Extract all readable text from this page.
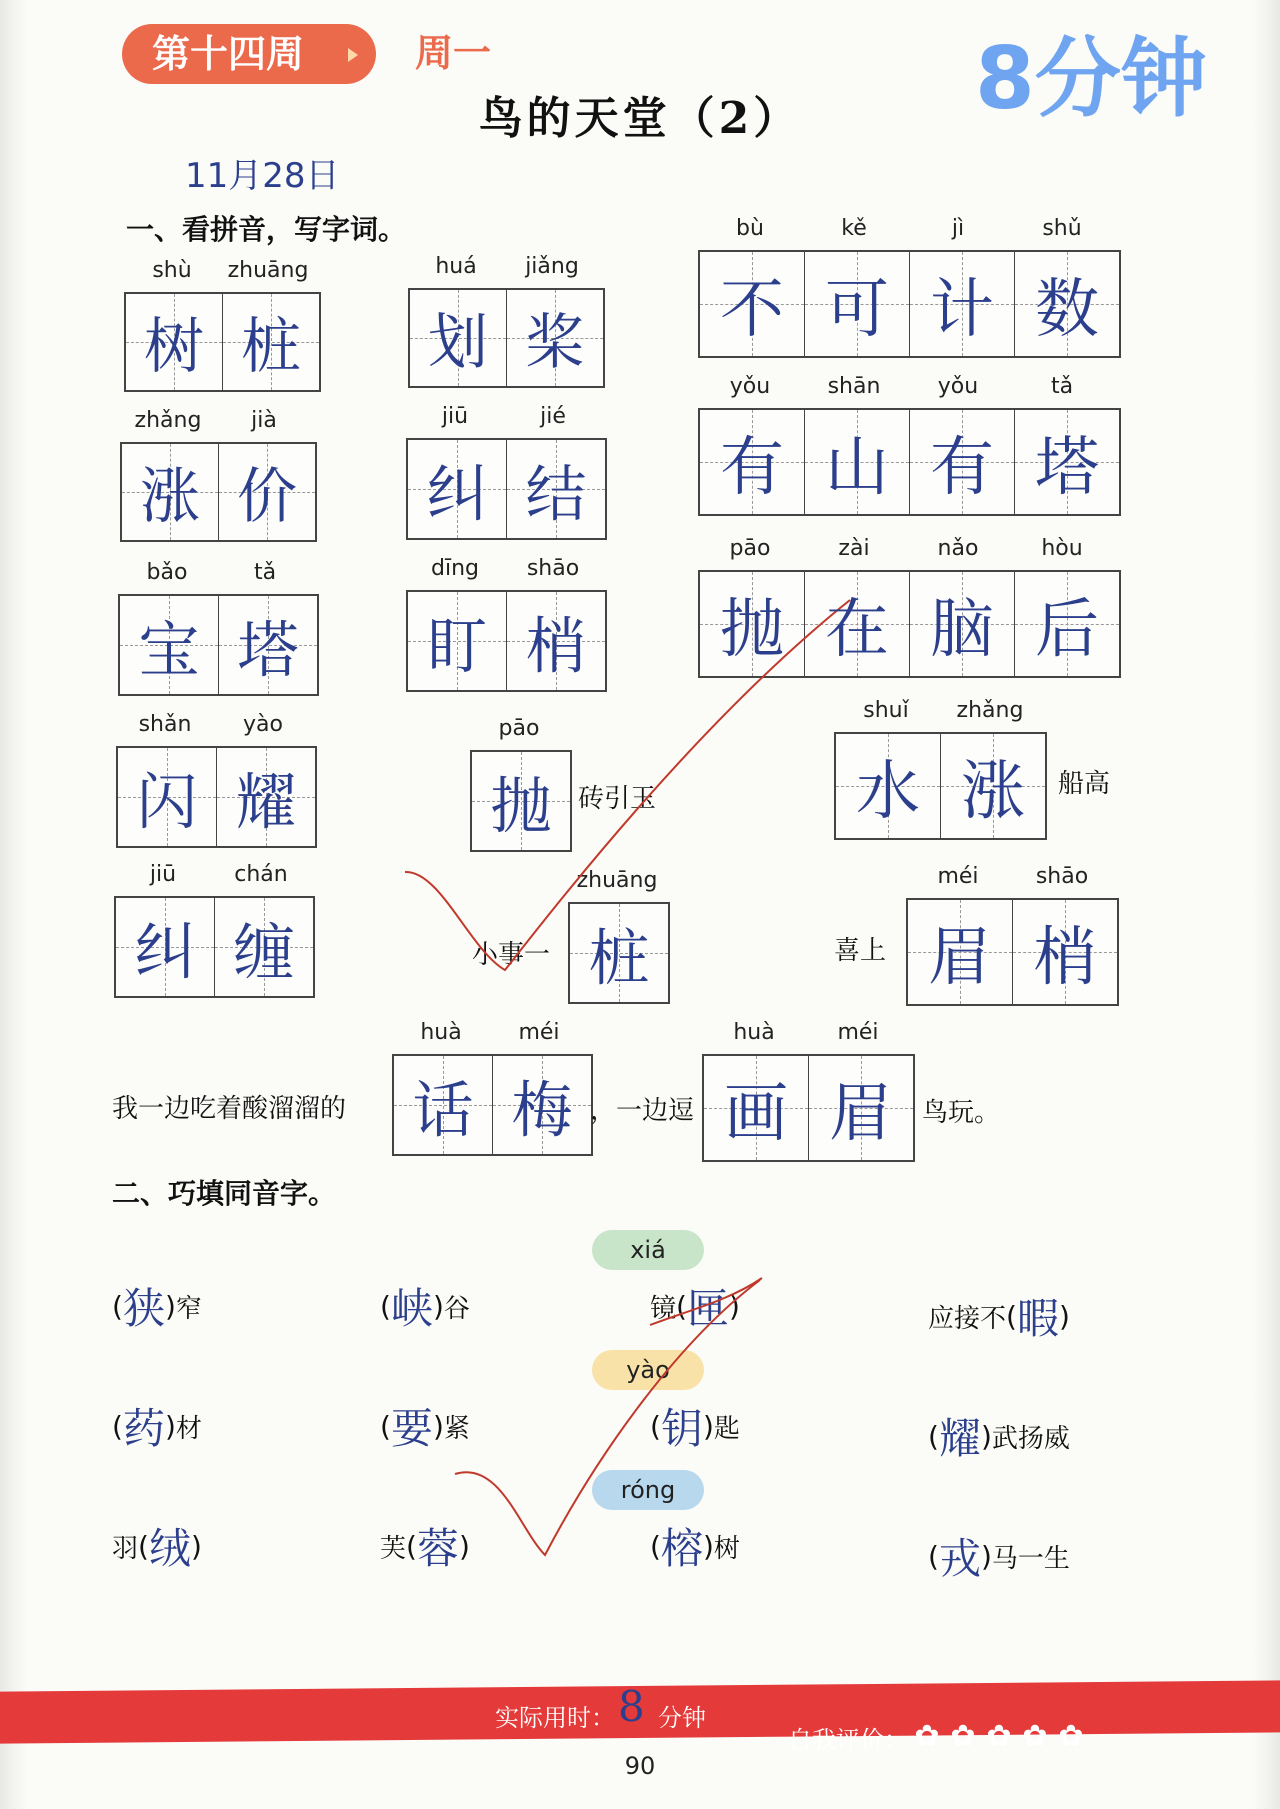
第十四周	周一	8分钟
鸟的天堂（2）
11月28日
一、看拼音，写字词。
shù	zhuāng
树 桩
huá	jiǎng
划 桨
bù	kě	jì	shǔ
不 可 计 数
zhǎng	jià
涨 价
jiū	jié
纠 结
yǒu	shān	yǒu	tǎ
有 山 有 塔
bǎo	tǎ
宝 塔
dīng	shāo
盯 梢
pāo	zài	nǎo	hòu
抛 在 脑 后
shǎn	yào
闪 耀
pāo
抛
shuǐ	zhǎng
水 涨
jiū	chán
纠 缠
zhuāng
桩
méi	shāo
眉 梢
huà	méi
话 梅
huà	méi
画 眉
砖引玉	船高
小事一	喜上
我一边吃着酸溜溜的	，一边逗	鸟玩。
二、巧填同音字。
xiá
( 狭 ) 窄	( 峡 ) 谷	镜 ( 匣 )	应接不 ( 暇 )
yào
( 药 ) 材	( 要 ) 紧	( 钥 ) 匙	( 耀 ) 武扬威
róng
羽 ( 绒 )	芙 ( 蓉 )	( 榕 ) 树	( 戎 ) 马一生
实际用时： 8 分钟
自我评价： ✿ ✿ ✿ ✿ ✿
90
